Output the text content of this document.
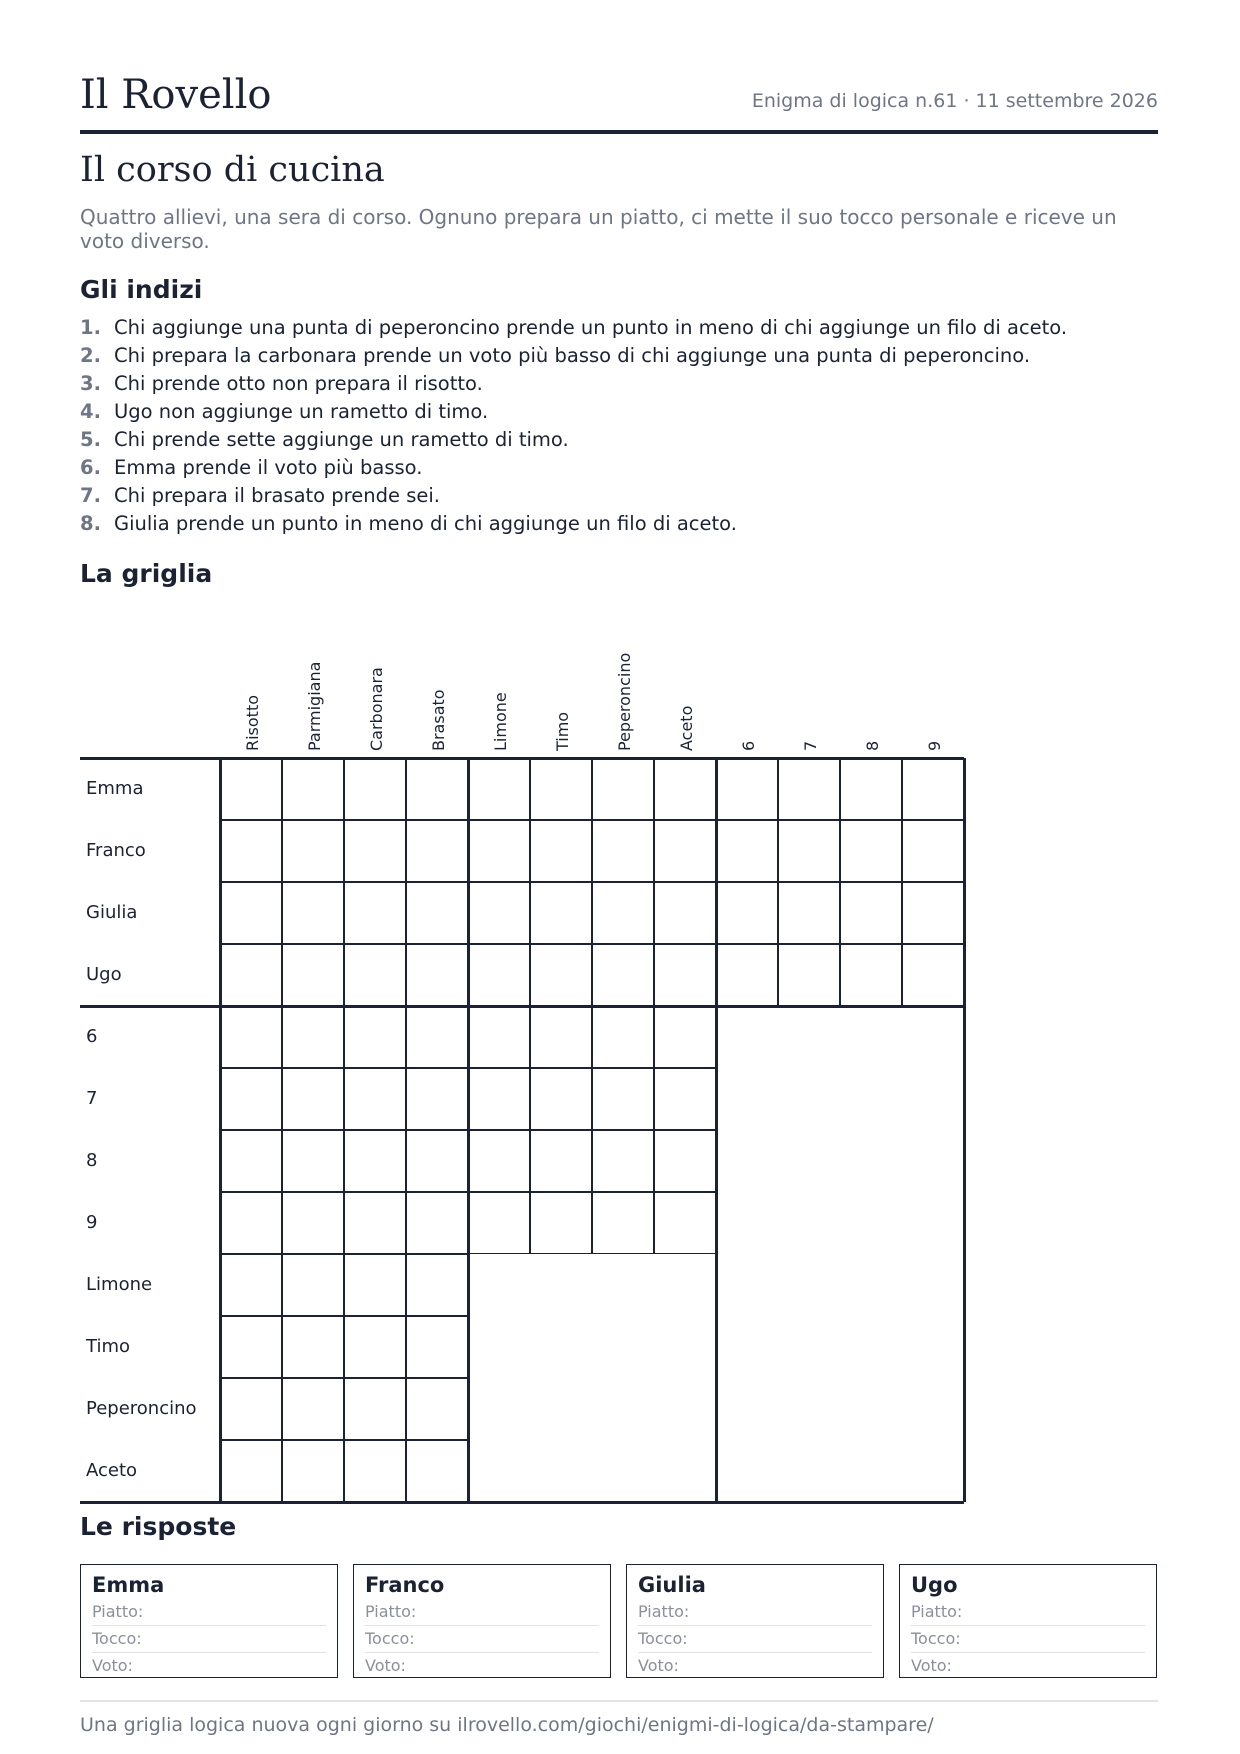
Il Rovello	Enigma di logica n.61 · 11 settembre 2026
Il corso di cucina
Quattro allievi, una sera di corso. Ognuno prepara un piatto, ci mette il suo tocco personale e riceve un voto diverso.
Gli indizi
1. Chi aggiunge una punta di peperoncino prende un punto in meno di chi aggiunge un filo di aceto.
2. Chi prepara la carbonara prende un voto più basso di chi aggiunge una punta di peperoncino.
3. Chi prende otto non prepara il risotto.
4. Ugo non aggiunge un rametto di timo.
5. Chi prende sette aggiunge un rametto di timo.
6. Emma prende il voto più basso.
7. Chi prepara il brasato prende sei.
8. Giulia prende un punto in meno di chi aggiunge un filo di aceto.
La griglia
Risotto	Parmigiana	Carbonara	Brasato	Limone	Timo	Peperoncino	Aceto	6	7	8	9
Emma
Franco
Giulia
Ugo
6
7
8
9
Limone
Timo
Peperoncino
Aceto
Le risposte
Emma
Piatto:
Tocco:
Voto:
Franco
Piatto:
Tocco:
Voto:
Giulia
Piatto:
Tocco:
Voto:
Ugo
Piatto:
Tocco:
Voto:
Una griglia logica nuova ogni giorno su ilrovello.com/giochi/enigmi-di-logica/da-stampare/
